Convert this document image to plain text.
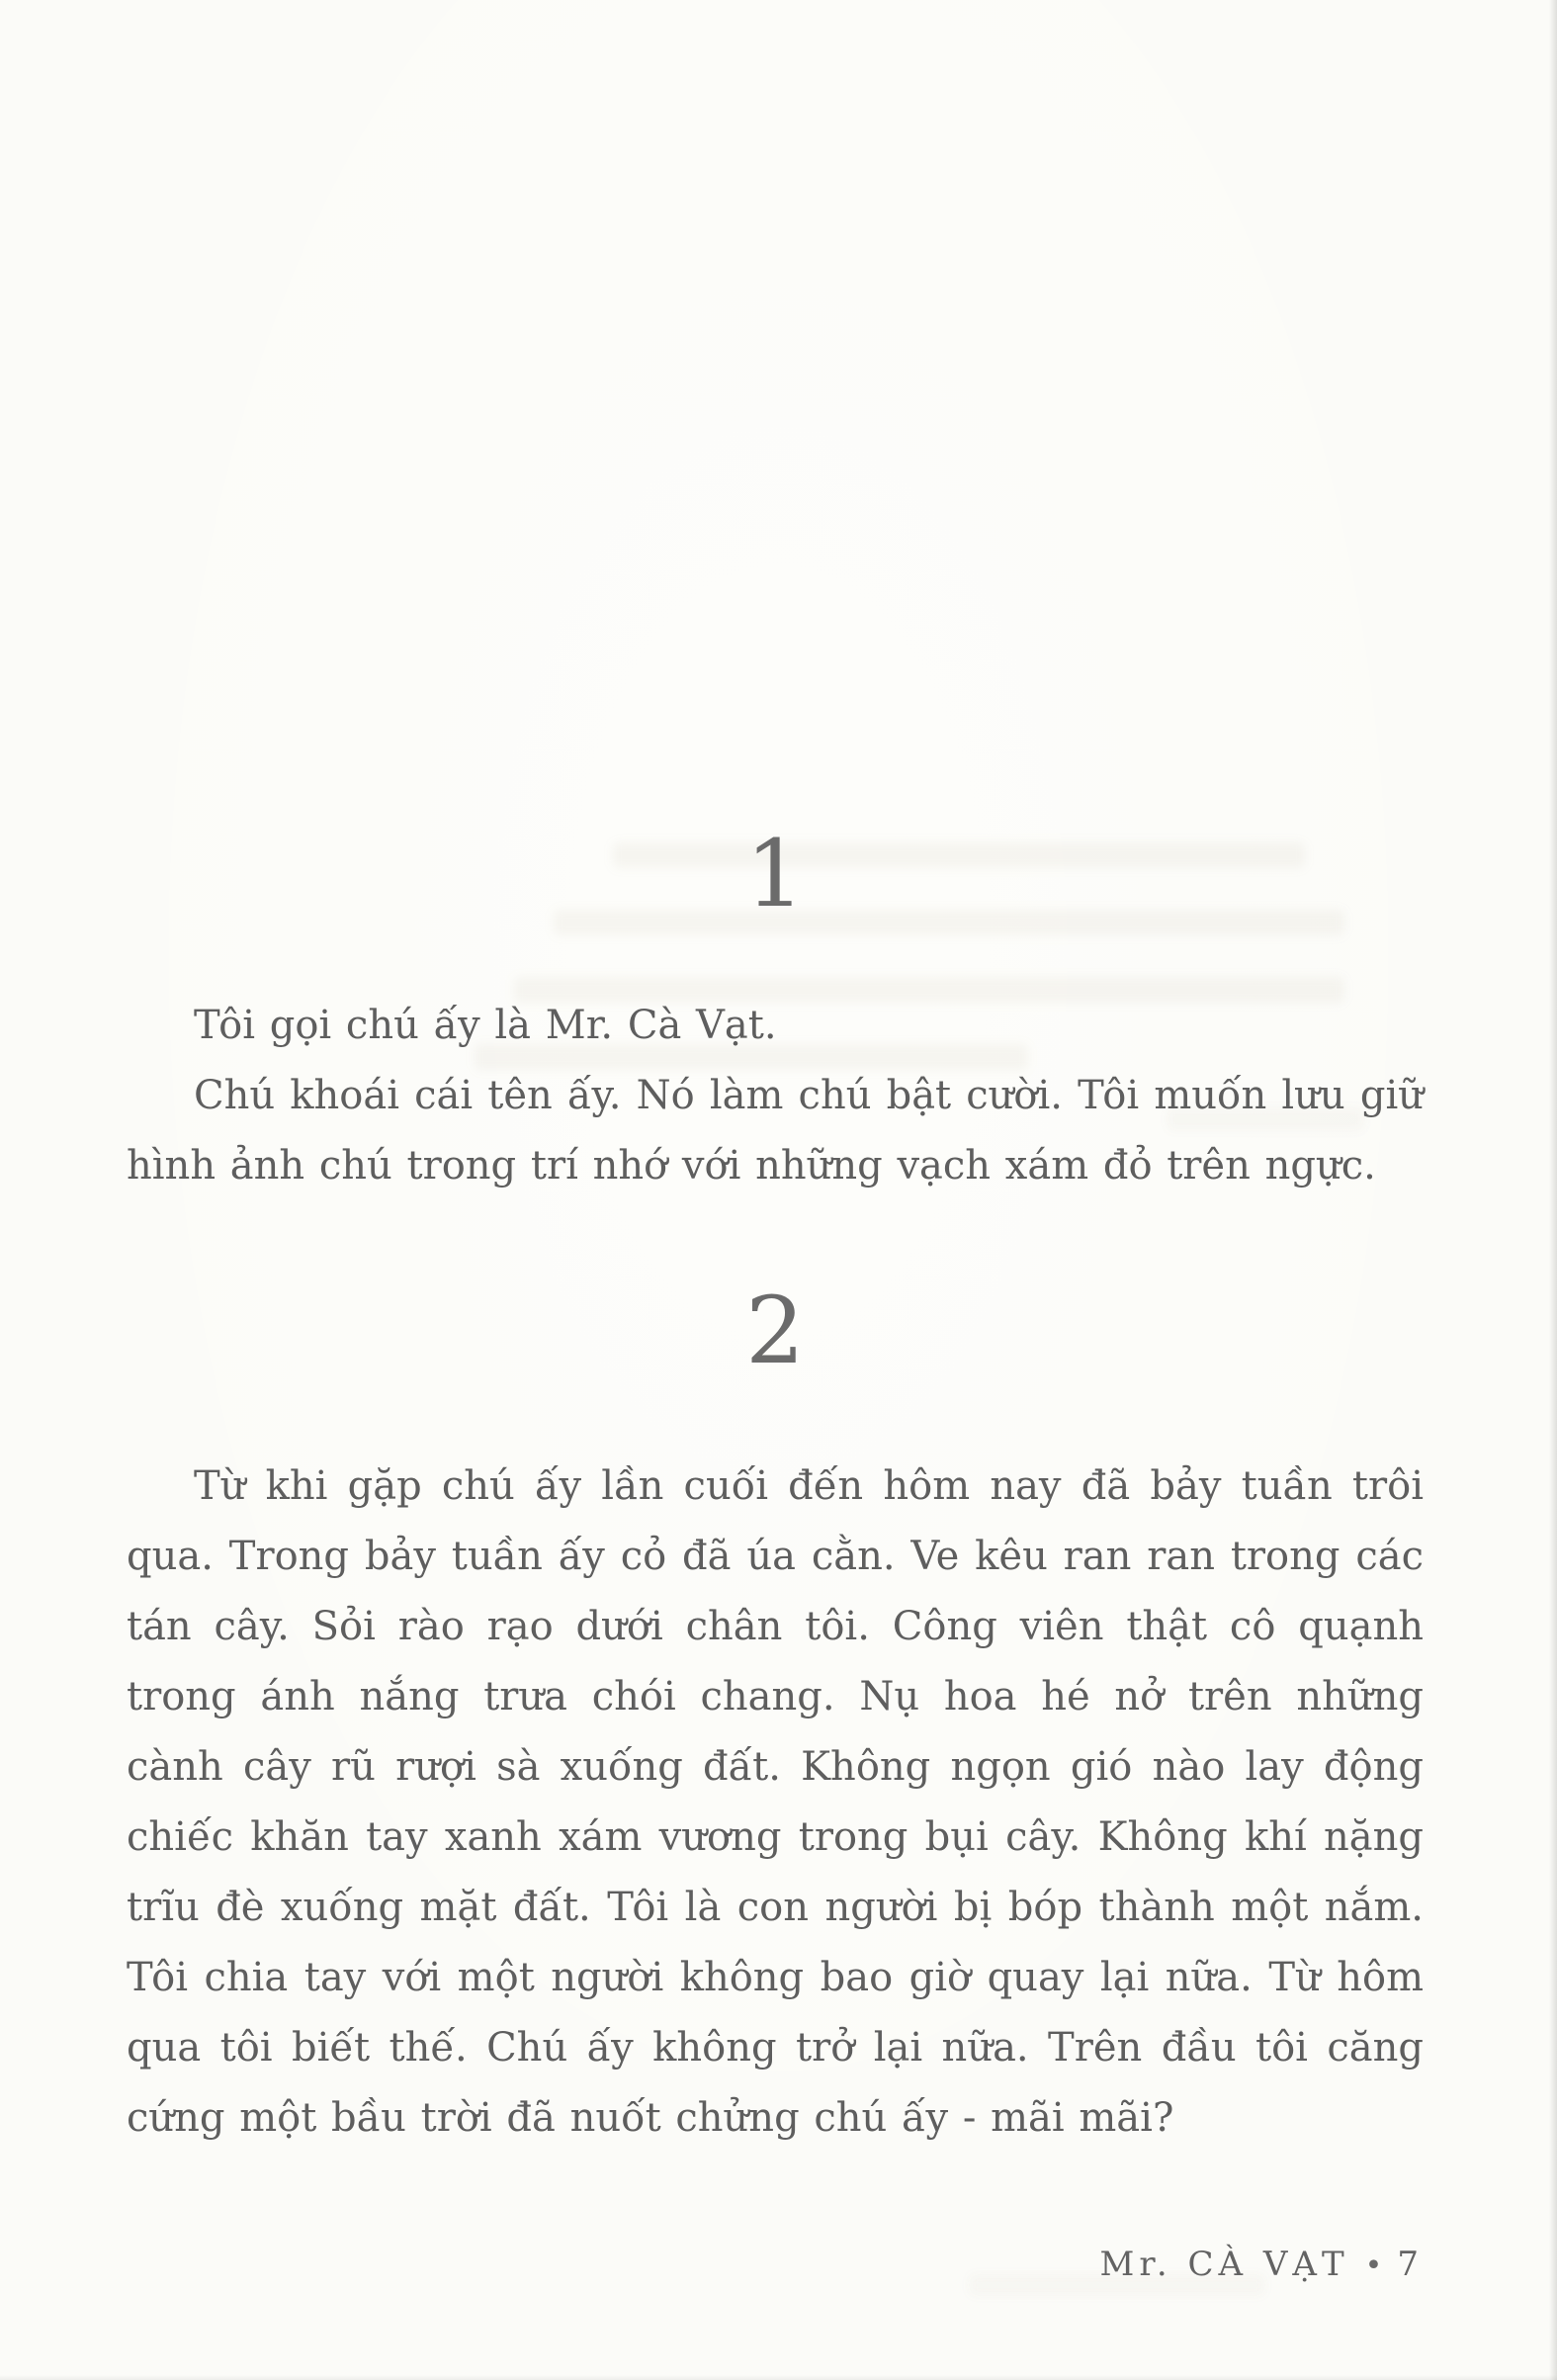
1

Tôi gọi chú ấy là Mr. Cà Vạt.

Chú khoái cái tên ấy. Nó làm chú bật cười. Tôi muốn lưu giữ hình ảnh chú trong trí nhớ với những vạch xám đỏ trên ngực.

2

Từ khi gặp chú ấy lần cuối đến hôm nay đã bảy tuần trôi qua. Trong bảy tuần ấy cỏ đã úa cằn. Ve kêu ran ran trong các tán cây. Sỏi rào rạo dưới chân tôi. Công viên thật cô quạnh trong ánh nắng trưa chói chang. Nụ hoa hé nở trên những cành cây rũ rượi sà xuống đất. Không ngọn gió nào lay động chiếc khăn tay xanh xám vương trong bụi cây. Không khí nặng trĩu đè xuống mặt đất. Tôi là con người bị bóp thành một nắm. Tôi chia tay với một người không bao giờ quay lại nữa. Từ hôm qua tôi biết thế. Chú ấy không trở lại nữa. Trên đầu tôi căng cứng một bầu trời đã nuốt chửng chú ấy - mãi mãi?

Mr. CÀ VẠT • 7
